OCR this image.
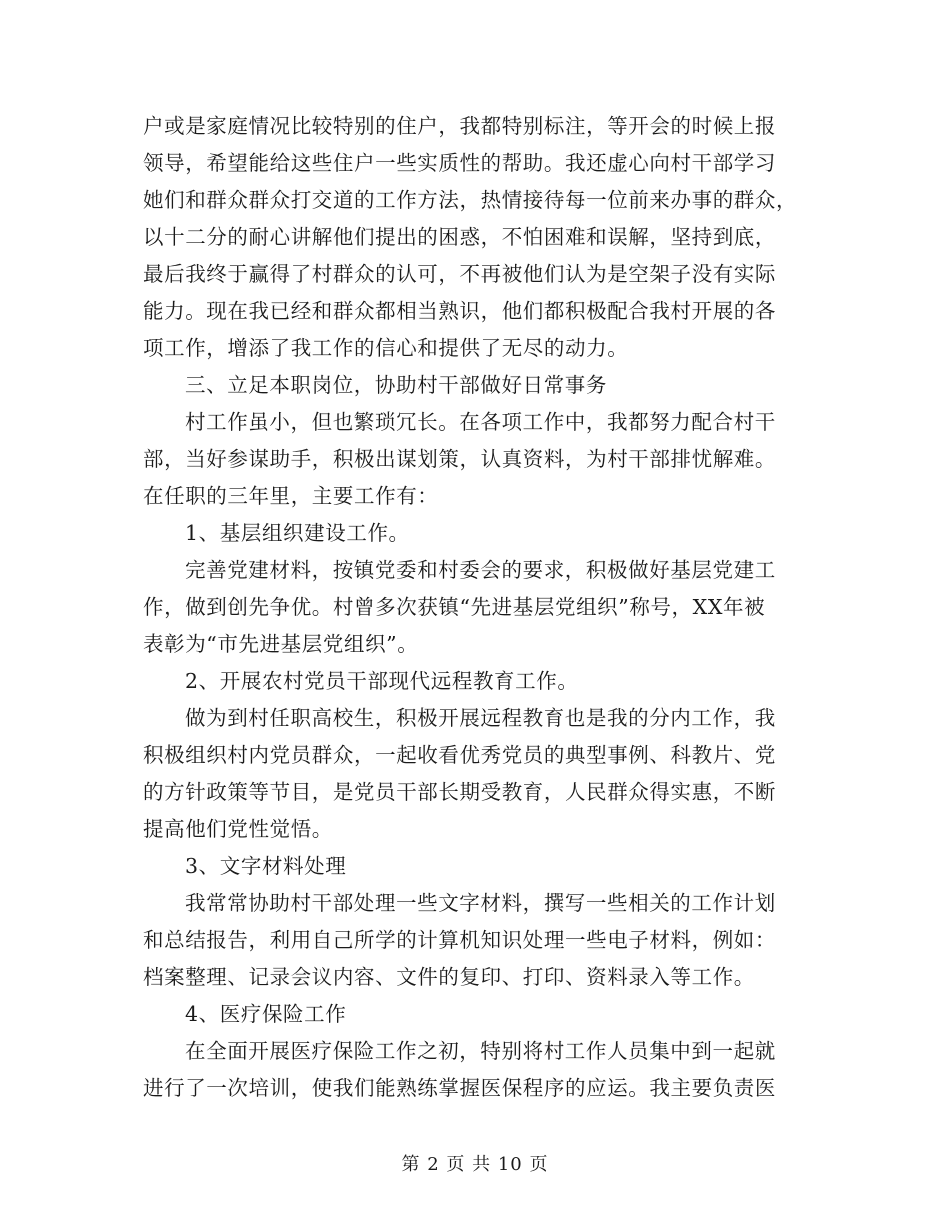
户或是家庭情况比较特别的住户，我都特别标注，等开会的时候上报
领导，希望能给这些住户一些实质性的帮助。我还虚心向村干部学习
她们和群众群众打交道的工作方法，热情接待每一位前来办事的群众，
以十二分的耐心讲解他们提出的困惑，不怕困难和误解，坚持到底，
最后我终于赢得了村群众的认可，不再被他们认为是空架子没有实际
能力。现在我已经和群众都相当熟识，他们都积极配合我村开展的各
项工作，增添了我工作的信心和提供了无尽的动力。
三、立足本职岗位，协助村干部做好日常事务
村工作虽小，但也繁琐冗长。在各项工作中，我都努力配合村干
部，当好参谋助手，积极出谋划策，认真资料，为村干部排忧解难。
在任职的三年里，主要工作有：
1、基层组织建设工作。
完善党建材料，按镇党委和村委会的要求，积极做好基层党建工
作，做到创先争优。村曾多次获镇“先进基层党组织”称号，XX年被
表彰为“市先进基层党组织”。
2、开展农村党员干部现代远程教育工作。
做为到村任职高校生，积极开展远程教育也是我的分内工作，我
积极组织村内党员群众，一起收看优秀党员的典型事例、科教片、党
的方针政策等节目，是党员干部长期受教育，人民群众得实惠，不断
提高他们党性觉悟。
3、文字材料处理
我常常协助村干部处理一些文字材料，撰写一些相关的工作计划
和总结报告，利用自己所学的计算机知识处理一些电子材料，例如：
档案整理、记录会议内容、文件的复印、打印、资料录入等工作。
4、医疗保险工作
在全面开展医疗保险工作之初，特别将村工作人员集中到一起就
进行了一次培训，使我们能熟练掌握医保程序的应运。我主要负责医
第 2 页 共 10 页
